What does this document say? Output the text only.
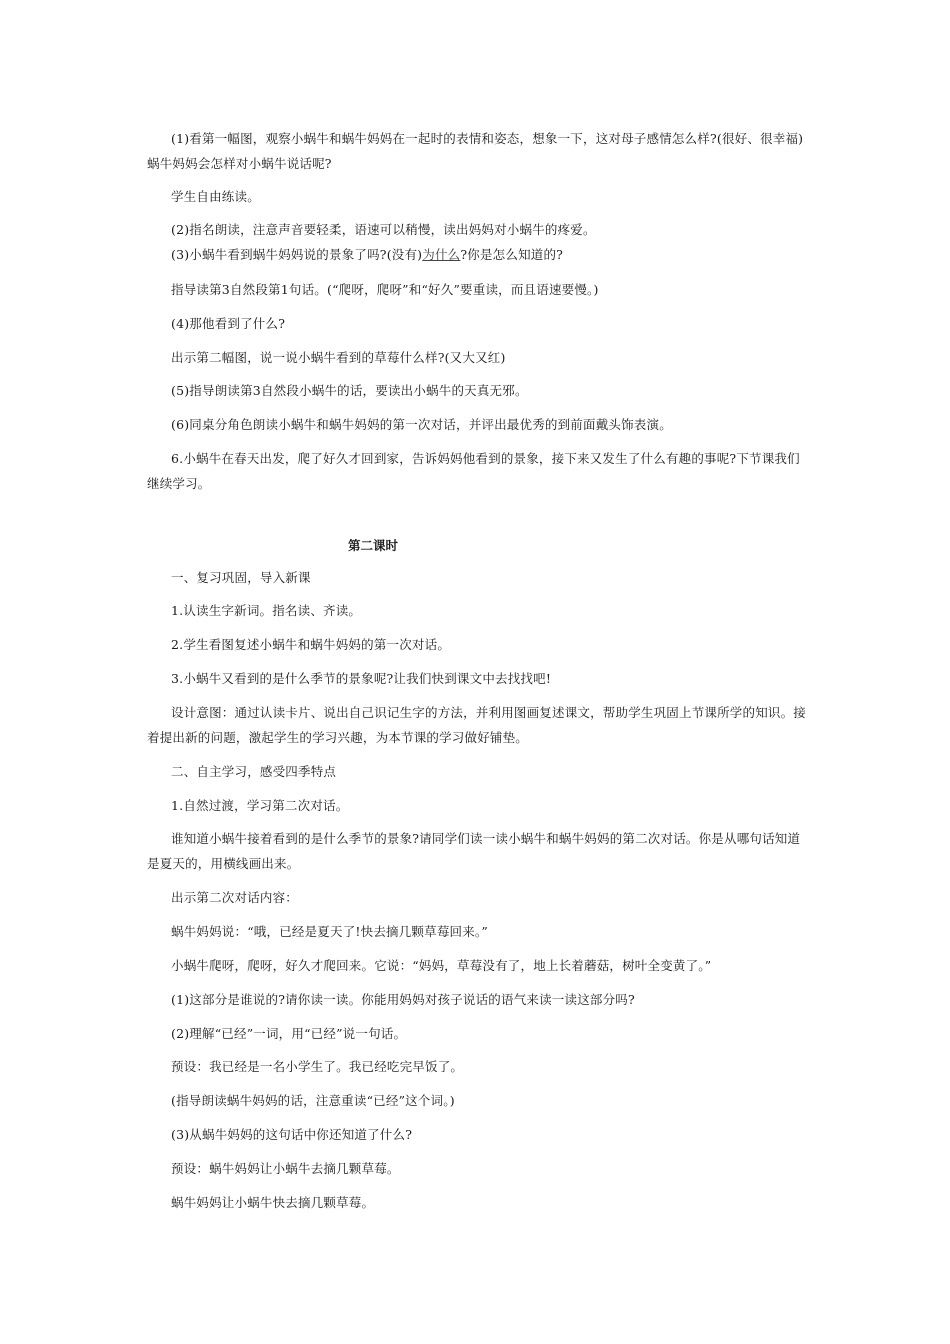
(1)看第一幅图，观察小蜗牛和蜗牛妈妈在一起时的表情和姿态，想象一下，这对母子感情怎么样?(很好、很幸福)蜗牛妈妈会怎样对小蜗牛说话呢?

学生自由练读。

(2)指名朗读，注意声音要轻柔，语速可以稍慢，读出妈妈对小蜗牛的疼爱。

(3)小蜗牛看到蜗牛妈妈说的景象了吗?(没有)为什么?你是怎么知道的?

指导读第3自然段第1句话。(“爬呀，爬呀”和“好久”要重读，而且语速要慢。)

(4)那他看到了什么?

出示第二幅图，说一说小蜗牛看到的草莓什么样?(又大又红)

(5)指导朗读第3自然段小蜗牛的话，要读出小蜗牛的天真无邪。

(6)同桌分角色朗读小蜗牛和蜗牛妈妈的第一次对话，并评出最优秀的到前面戴头饰表演。

6.小蜗牛在春天出发，爬了好久才回到家，告诉妈妈他看到的景象，接下来又发生了什么有趣的事呢?下节课我们继续学习。

第二课时

一、复习巩固，导入新课

1.认读生字新词。指名读、齐读。

2.学生看图复述小蜗牛和蜗牛妈妈的第一次对话。

3.小蜗牛又看到的是什么季节的景象呢?让我们快到课文中去找找吧!

设计意图：通过认读卡片、说出自己识记生字的方法，并利用图画复述课文，帮助学生巩固上节课所学的知识。接着提出新的问题，激起学生的学习兴趣，为本节课的学习做好铺垫。

二、自主学习，感受四季特点

1.自然过渡，学习第二次对话。

谁知道小蜗牛接着看到的是什么季节的景象?请同学们读一读小蜗牛和蜗牛妈妈的第二次对话。你是从哪句话知道是夏天的，用横线画出来。

出示第二次对话内容：

蜗牛妈妈说：“哦，已经是夏天了!快去摘几颗草莓回来。”

小蜗牛爬呀，爬呀，好久才爬回来。它说：“妈妈，草莓没有了，地上长着蘑菇，树叶全变黄了。”

(1)这部分是谁说的?请你读一读。你能用妈妈对孩子说话的语气来读一读这部分吗?

(2)理解“已经”一词，用“已经”说一句话。

预设：我已经是一名小学生了。我已经吃完早饭了。

(指导朗读蜗牛妈妈的话，注意重读“已经”这个词。)

(3)从蜗牛妈妈的这句话中你还知道了什么?

预设：蜗牛妈妈让小蜗牛去摘几颗草莓。

蜗牛妈妈让小蜗牛快去摘几颗草莓。
